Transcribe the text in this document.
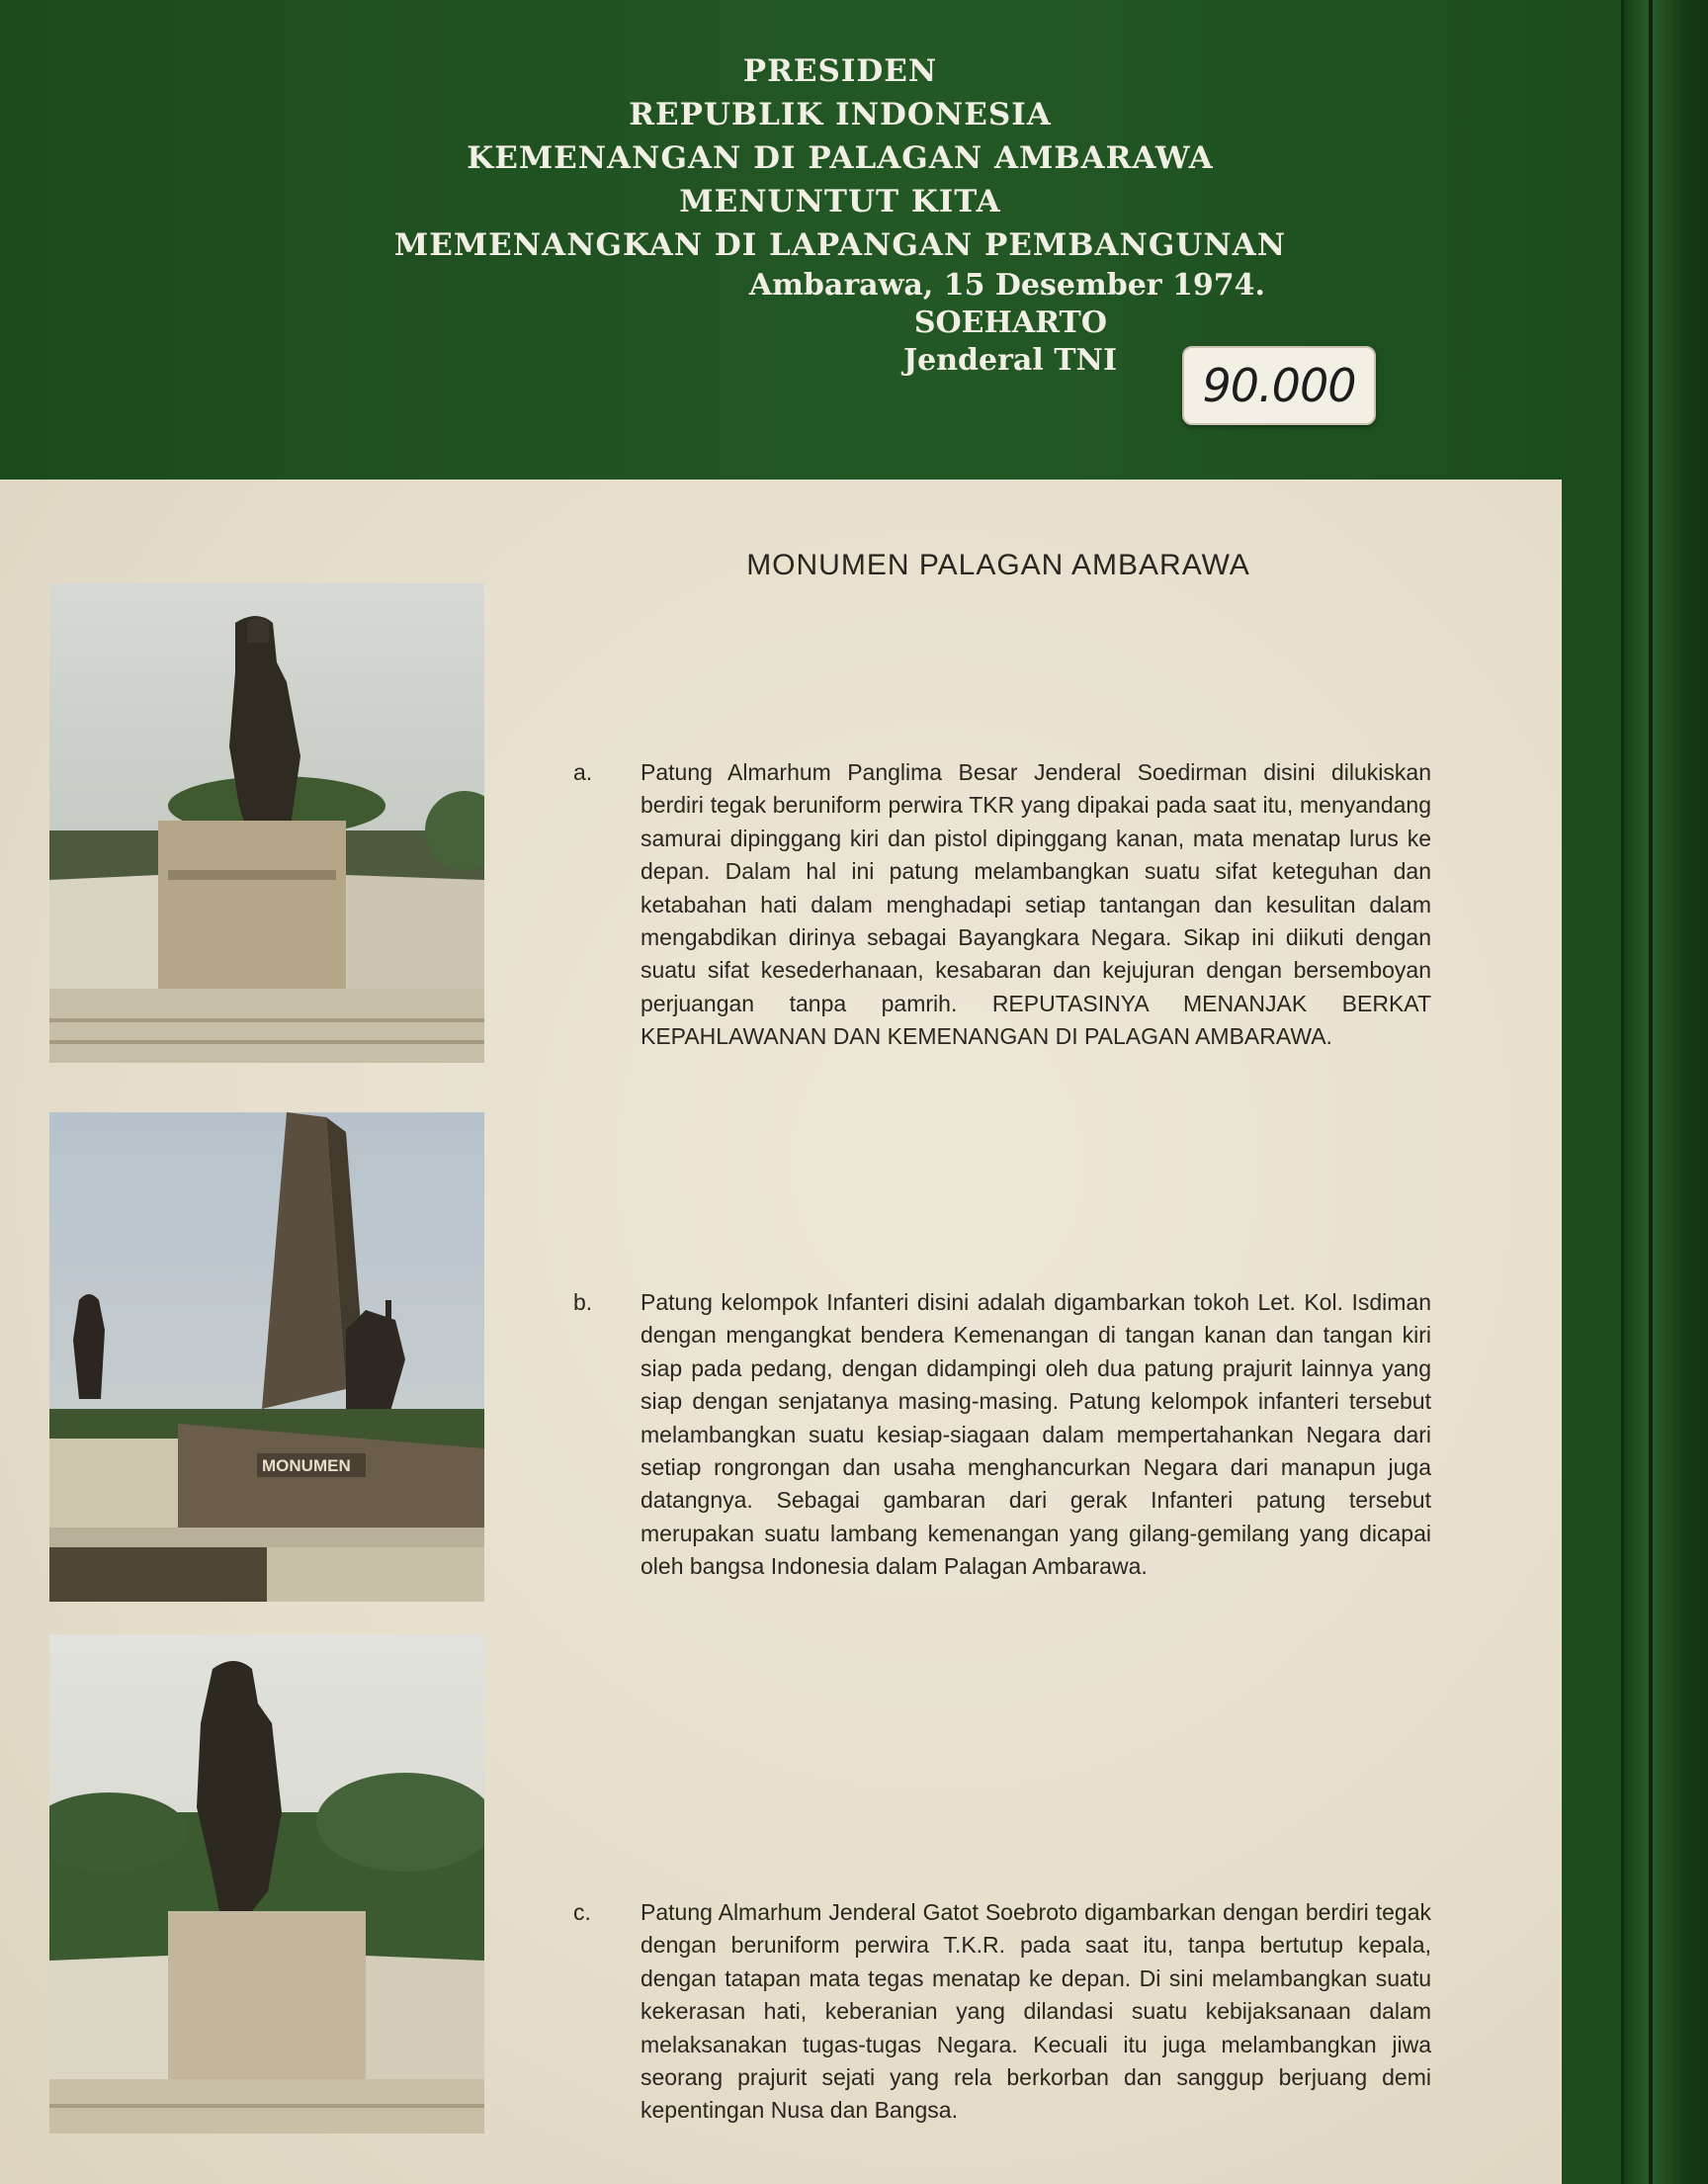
PRESIDEN
REPUBLIK INDONESIA
KEMENANGAN DI PALAGAN AMBARAWA
MENUNTUT KITA
MEMENANGKAN DI LAPANGAN PEMBANGUNAN
Ambarawa, 15 Desember 1974.
SOEHARTO
Jenderal TNI	90.000
MONUMEN PALAGAN AMBARAWA
MONUMEN
a.	Patung Almarhum Panglima Besar Jenderal Soedirman disini dilukiskan berdiri tegak beruniform perwira TKR yang dipakai pada saat itu, menyandang samurai dipinggang kiri dan pistol dipinggang kanan, mata menatap lurus ke depan. Dalam hal ini patung melambangkan suatu sifat keteguhan dan ketabahan hati dalam menghadapi setiap tantangan dan kesulitan dalam mengabdikan dirinya sebagai Bayangkara Negara. Sikap ini diikuti dengan suatu sifat kesederhanaan, kesabaran dan kejujuran dengan bersemboyan perjuangan tanpa pamrih. REPUTASINYA MENANJAK BERKAT KEPAHLAWANAN DAN KEMENANGAN DI PALAGAN AMBARAWA.
b.	Patung kelompok Infanteri disini adalah digambarkan tokoh Let. Kol. Isdiman dengan mengangkat bendera Kemenangan di tangan kanan dan tangan kiri siap pada pedang, dengan didampingi oleh dua patung prajurit lainnya yang siap dengan senjatanya masing-masing. Patung kelompok infanteri tersebut melambangkan suatu kesiap-siagaan dalam mempertahankan Negara dari setiap rongrongan dan usaha menghancurkan Negara dari manapun juga datangnya. Sebagai gambaran dari gerak Infanteri patung tersebut merupakan suatu lambang kemenangan yang gilang-gemilang yang dicapai oleh bangsa Indonesia dalam Palagan Ambarawa.
c.	Patung Almarhum Jenderal Gatot Soebroto digambarkan dengan berdiri tegak dengan beruniform perwira T.K.R. pada saat itu, tanpa bertutup kepala, dengan tatapan mata tegas menatap ke depan. Di sini melambangkan suatu kekerasan hati, keberanian yang dilandasi suatu kebijaksanaan dalam melaksanakan tugas-tugas Negara. Kecuali itu juga melambangkan jiwa seorang prajurit sejati yang rela berkorban dan sanggup berjuang demi kepentingan Nusa dan Bangsa.
